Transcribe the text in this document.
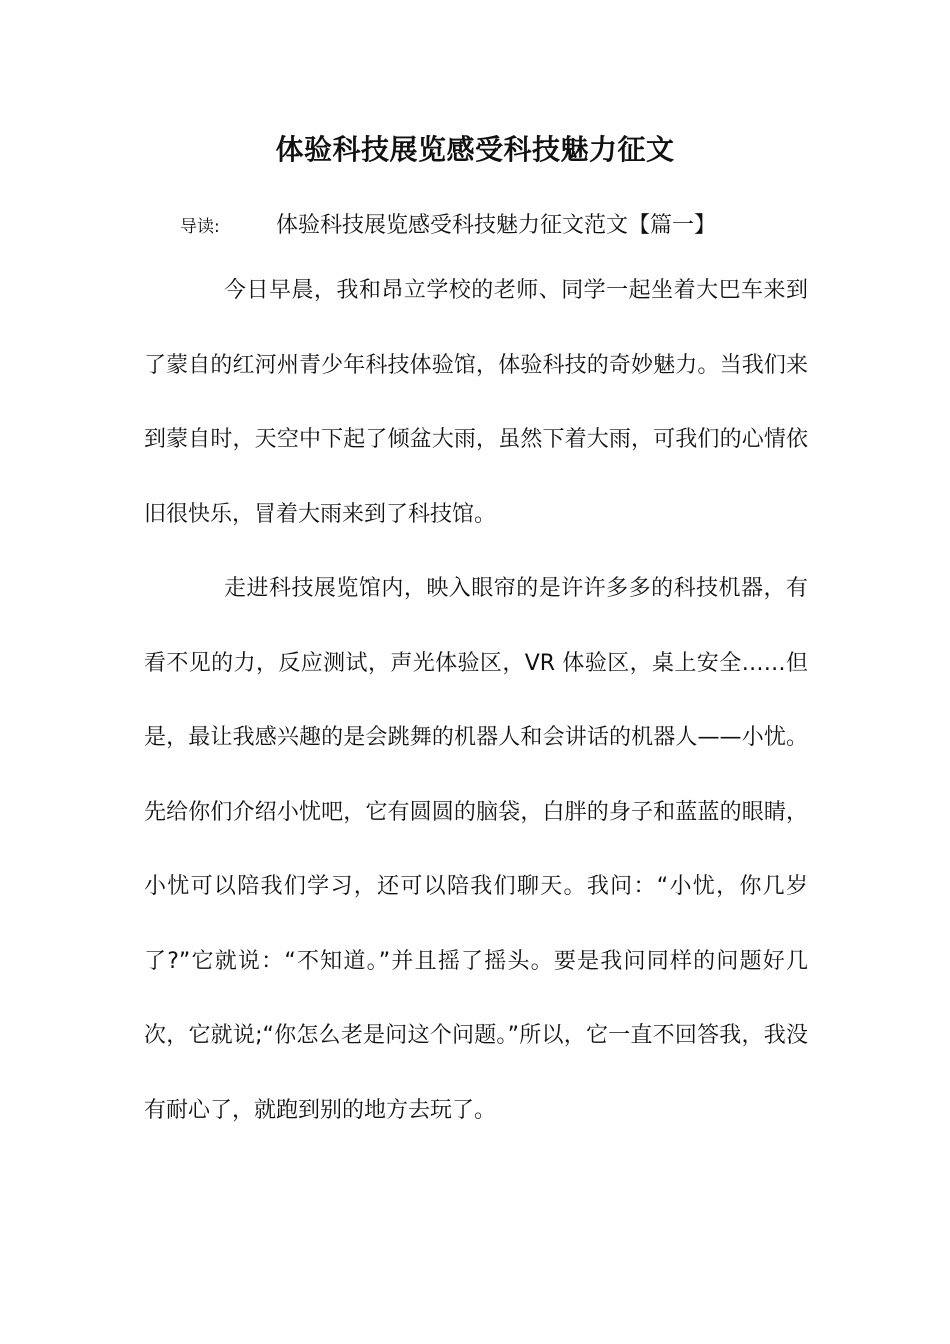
体验科技展览感受科技魅力征文
导读:	体验科技展览感受科技魅力征文范文【篇一】

今日早晨，我和昂立学校的老师、同学一起坐着大巴车来到了蒙自的红河州青少年科技体验馆，体验科技的奇妙魅力。当我们来到蒙自时，天空中下起了倾盆大雨，虽然下着大雨，可我们的心情依旧很快乐，冒着大雨来到了科技馆。

走进科技展览馆内，映入眼帘的是许许多多的科技机器，有看不见的力，反应测试，声光体验区，VR 体验区，桌上安全……但是，最让我感兴趣的是会跳舞的机器人和会讲话的机器人——小忧。先给你们介绍小忧吧，它有圆圆的脑袋，白胖的身子和蓝蓝的眼睛，小忧可以陪我们学习，还可以陪我们聊天。我问：“小忧，你几岁了?”它就说：“不知道。”并且摇了摇头。要是我问同样的问题好几次，它就说;“你怎么老是问这个问题。”所以，它一直不回答我，我没有耐心了，就跑到别的地方去玩了。
